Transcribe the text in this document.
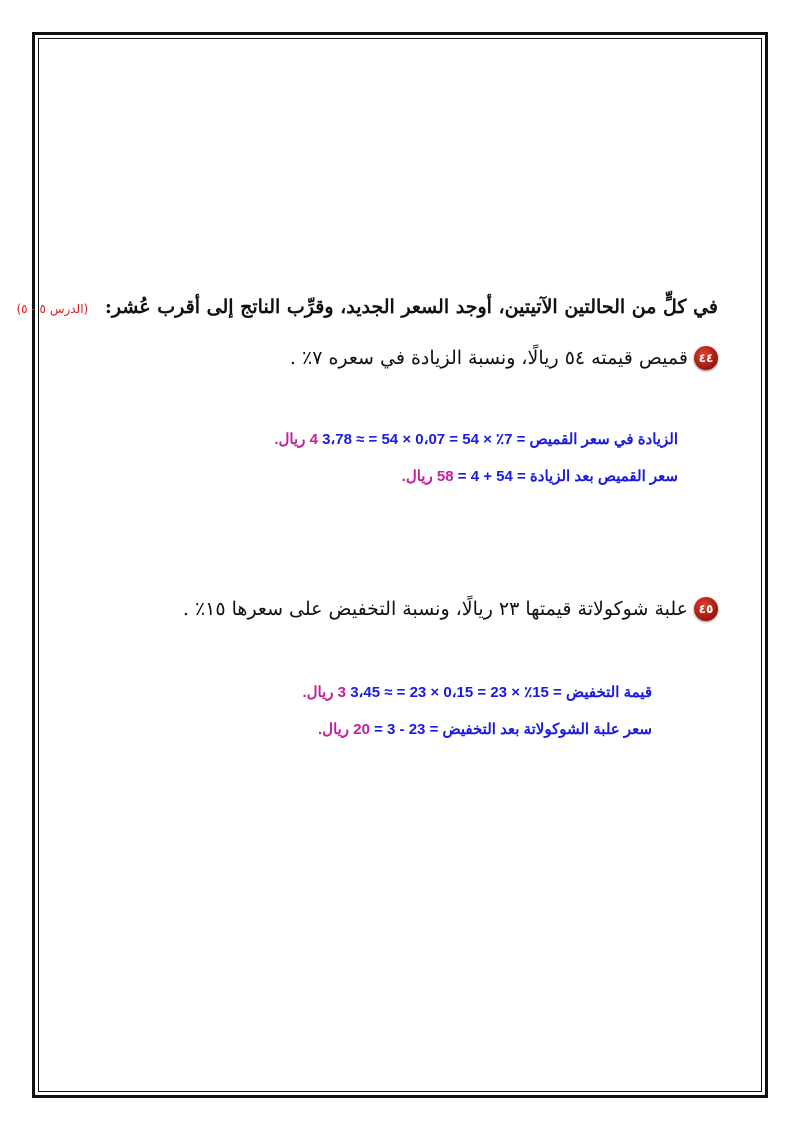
في كلٍّ من الحالتين الآتيتين، أوجد السعر الجديد، وقرِّب الناتج إلى أقرب عُشر: (الدرس ٥ - ٥)
٤٤
قميص قيمته ٥٤ ريالًا، ونسبة الزيادة في سعره ٧٪ .
الزيادة في سعر القميص = 7٪ × 54 = 0،07 × 54 = ≈ 3،78 4 ريال.
سعر القميص بعد الزيادة = 54 + 4 = 58 ريال.
٤٥
علبة شوكولاتة قيمتها ٢٣ ريالًا، ونسبة التخفيض على سعرها ١٥٪ .
قيمة التخفيض = 15٪ × 23 = 0،15 × 23 = ≈ 3،45 3 ريال.
سعر علبة الشوكولاتة بعد التخفيض = 23 - 3 = 20 ريال.
